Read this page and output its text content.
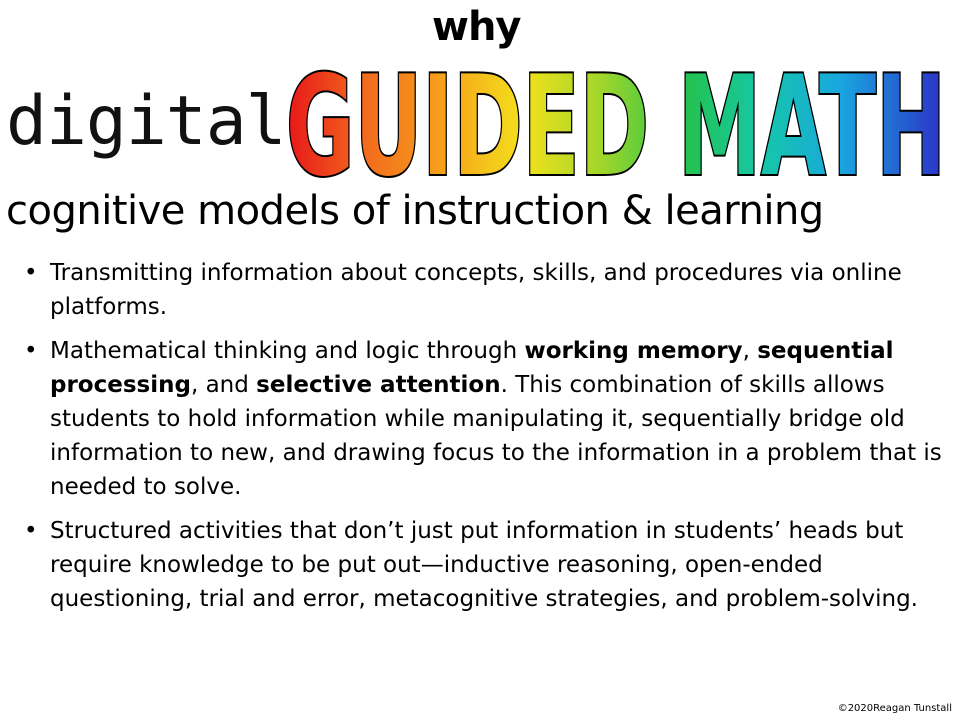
why
digital GUIDED MATH
cognitive models of instruction & learning
• Transmitting information about concepts, skills, and procedures via online platforms.
• Mathematical thinking and logic through working memory, sequential processing, and selective attention. This combination of skills allows students to hold information while manipulating it, sequentially bridge old information to new, and drawing focus to the information in a problem that is needed to solve.
• Structured activities that don’t just put information in students’ heads but require knowledge to be put out—inductive reasoning, open-ended questioning, trial and error, metacognitive strategies, and problem-solving.
©2020Reagan Tunstall
